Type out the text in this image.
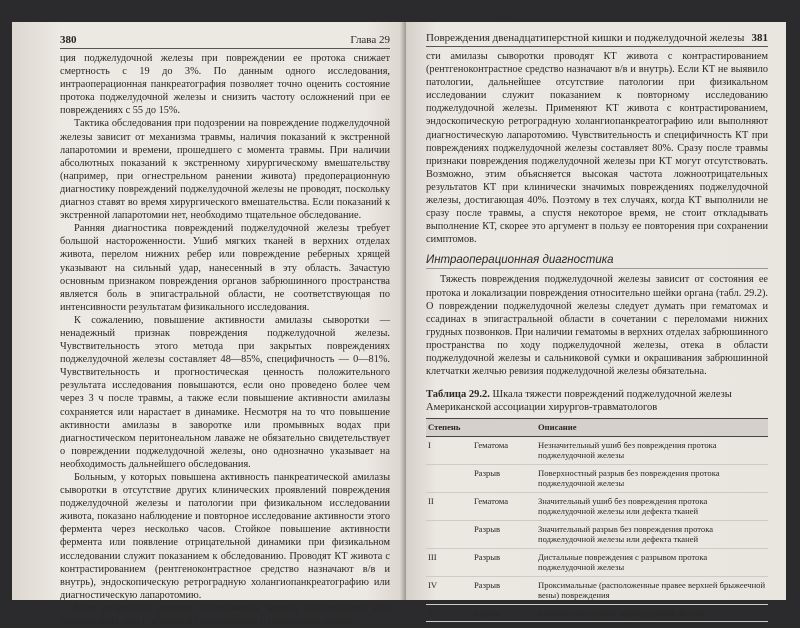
380	Глава 29

ция поджелудочной железы при повреждении ее протока снижает смертность с 19 до 3%. По данным одного исследования, интраоперационная панкреатография позволяет точно оценить состояние протока поджелудочной железы и снизить частоту осложнений при ее повреждениях с 55 до 15%.

Тактика обследования при подозрении на повреждение поджелудочной железы зависит от механизма травмы, наличия показаний к экстренной лапаротомии и времени, прошедшего с момента травмы. При наличии абсолютных показаний к экстренному хирургическому вмешательству (например, при огнестрельном ранении живота) предоперационную диагностику повреждений поджелудочной железы не проводят, поскольку диагноз ставят во время хирургического вмешательства. Если показаний к экстренной лапаротомии нет, необходимо тщательное обследование.

Ранняя диагностика повреждений поджелудочной железы требует большой настороженности. Ушиб мягких тканей в верхних отделах живота, перелом нижних ребер или повреждение реберных хрящей указывают на сильный удар, нанесенный в эту область. Зачастую основным признаком повреждения органов забрюшинного пространства является боль в эпигастральной области, не соответствующая по интенсивности результатам физикального исследования.

К сожалению, повышение активности амилазы сыворотки — ненадежный признак повреждения поджелудочной железы. Чувствительность этого метода при закрытых повреждениях поджелудочной железы составляет 48—85%, специфичность — 0—81%. Чувствительность и прогностическая ценность положительного результата исследования повышаются, если оно проведено более чем через 3 ч после травмы, а также если повышение активности амилазы сохраняется или нарастает в динамике. Несмотря на то что повышение активности амилазы в заворотке или промывных водах при диагностическом перитонеальном лаваже не обязательно свидетельствует о повреждении поджелудочной железы, оно однозначно указывает на необходимость дальнейшего обследования.

Больным, у которых повышена активность панкреатической амилазы сыворотки в отсутствие других клинических проявлений повреждения поджелудочной железы и патологии при физикальном исследовании живота, показано наблюдение и повторное исследование активности этого фермента через несколько часов. Стойкое повышение активности фермента или появление отрицательной динамики при физикальном исследовании служит показанием к обследованию. Проводят КТ живота с контрастированием (рентгеноконтрастное средство назначают в/в и внутрь), эндоскопическую ретроградную холангиопанкреатографию или диагностическую лапаротомию.

Если результаты первого исследования живота неоднозначны или сомнительны, при стабильной гемодинамике и повышении активно-

Повреждения двенадцатиперстной кишки и поджелудочной железы 381

сти амилазы сыворотки проводят КТ живота с контрастированием (рентгеноконтрастное средство назначают в/в и внутрь). Если КТ не выявило патологии, дальнейшее отсутствие патологии при физикальном исследовании служит показанием к повторному исследованию поджелудочной железы. Применяют КТ живота с контрастированием, эндоскопическую ретроградную холангиопанкреатографию или выполняют диагностическую лапаротомию. Чувствительность и специфичность КТ при повреждениях поджелудочной железы составляет 80%. Сразу после травмы признаки повреждения поджелудочной железы при КТ могут отсутствовать. Возможно, этим объясняется высокая частота ложноотрицательных результатов КТ при клинически значимых повреждениях поджелудочной железы, достигающая 40%. Поэтому в тех случаях, когда КТ выполнили не сразу после травмы, а спустя некоторое время, не стоит откладывать выполнение КТ, скорее это аргумент в пользу ее повторения при сохранении симптомов.

Интраоперационная диагностика

Тяжесть повреждения поджелудочной железы зависит от состояния ее протока и локализации повреждения относительно шейки органа (табл. 29.2). О повреждении поджелудочной железы следует думать при гематомах и ссадинах в эпигастральной области в сочетании с переломами нижних грудных позвонков. При наличии гематомы в верхних отделах забрюшинного пространства по ходу поджелудочной железы, отека в области поджелудочной железы и сальниковой сумки и окрашивания забрюшинной клетчатки желчью ревизия поджелудочной железы обязательна.

Таблица 29.2. Шкала тяжести повреждений поджелудочной железы Американской ассоциации хирургов-травматологов
Степень		Описание
I	Гематома	Незначительный ушиб без повреждения протока поджелудочной железы
	Разрыв	Поверхностный разрыв без повреждения протока поджелудочной железы
II	Гематома	Значительный ушиб без повреждения протока поджелудочной железы или дефекта тканей
	Разрыв	Значительный разрыв без повреждения протока поджелудочной железы или дефекта тканей
III	Разрыв	Дистальные повреждения с разрывом протока поджелудочной железы
IV	Разрыв	Проксимальные (расположенные правее верхней брыжеечной вены) повреждения
V	Разрыв	Размозжение головки поджелудочной железы
